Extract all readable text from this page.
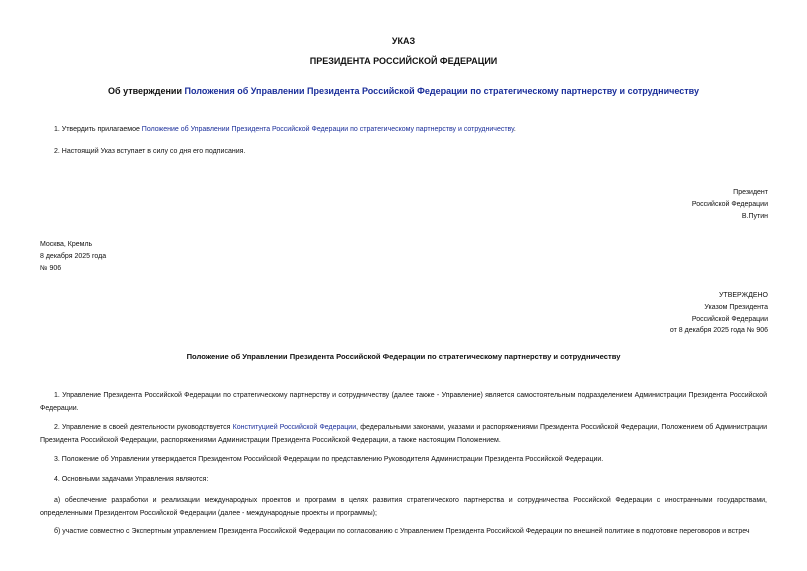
УКАЗ
ПРЕЗИДЕНТА РОССИЙСКОЙ ФЕДЕРАЦИИ
Об утверждении Положения об Управлении Президента Российской Федерации по стратегическому партнерству и сотрудничеству
1. Утвердить прилагаемое Положение об Управлении Президента Российской Федерации по стратегическому партнерству и сотрудничеству.
2. Настоящий Указ вступает в силу со дня его подписания.
Президент
Российской Федерации
В.Путин
Москва, Кремль
8 декабря 2025 года
№ 906
УТВЕРЖДЕНО
Указом Президента
Российской Федерации
от 8 декабря 2025 года № 906
Положение об Управлении Президента Российской Федерации по стратегическому партнерству и сотрудничеству
1. Управление Президента Российской Федерации по стратегическому партнерству и сотрудничеству (далее также - Управление) является самостоятельным подразделением Администрации Президента Российской Федерации.
2. Управление в своей деятельности руководствуется Конституцией Российской Федерации, федеральными законами, указами и распоряжениями Президента Российской Федерации, Положением об Администрации Президента Российской Федерации, распоряжениями Администрации Президента Российской Федерации, а также настоящим Положением.
3. Положение об Управлении утверждается Президентом Российской Федерации по представлению Руководителя Администрации Президента Российской Федерации.
4. Основными задачами Управления являются:
а) обеспечение разработки и реализации международных проектов и программ в целях развития стратегического партнерства и сотрудничества Российской Федерации с иностранными государствами, определенными Президентом Российской Федерации (далее - международные проекты и программы);
б) участие совместно с Экспертным управлением Президента Российской Федерации по согласованию с Управлением Президента Российской Федерации по внешней политике в подготовке переговоров и встреч
